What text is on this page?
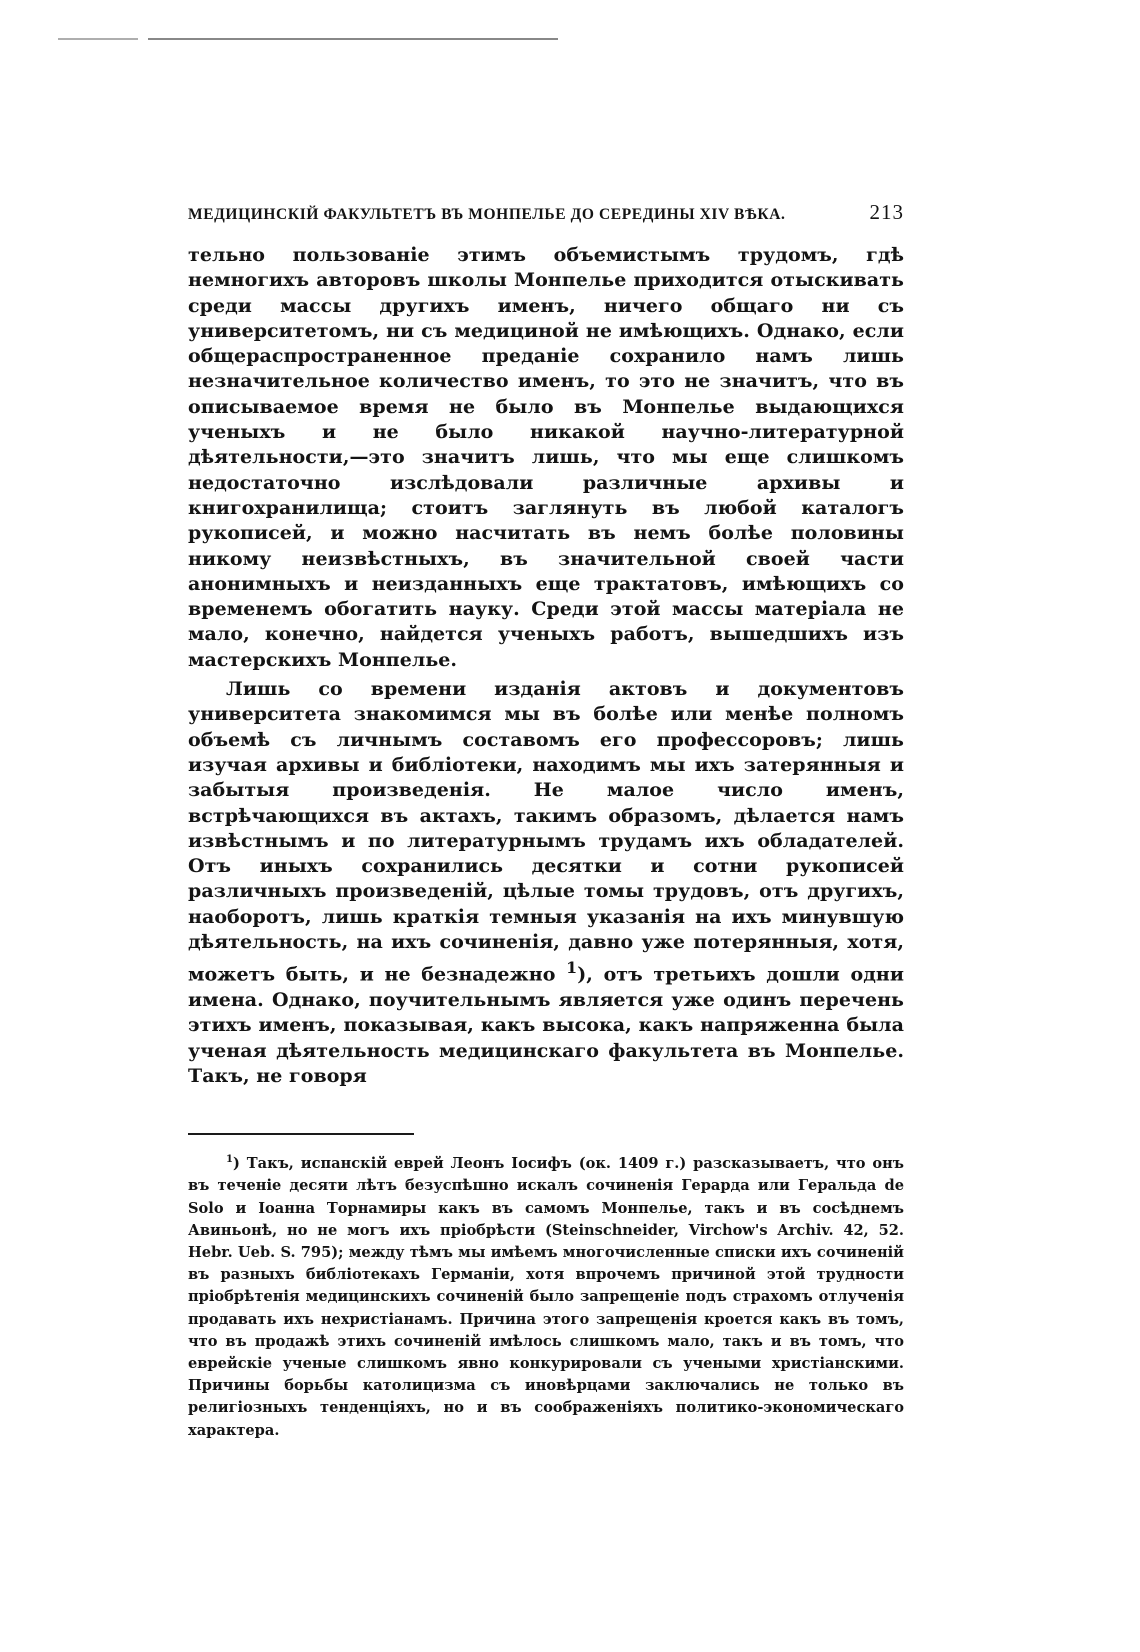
МЕДИЦИНСКІЙ ФАКУЛЬТЕТЪ ВЪ МОНПЕЛЬЕ ДО СЕРЕДИНЫ XIV ВѢКА.	213

тельно пользованіе этимъ объемистымъ трудомъ, гдѣ немногихъ авторовъ школы Монпелье приходится отыскивать среди массы другихъ именъ, ничего общаго ни съ университетомъ, ни съ медициной не имѣющихъ. Однако, если общераспространенное преданіе сохранило намъ лишь незначительное количество именъ, то это не значитъ, что въ описываемое время не было въ Монпелье выдающихся ученыхъ и не было никакой научно-литературной дѣятельности,—это значитъ лишь, что мы еще слишкомъ недостаточно изслѣдовали различные архивы и книгохранилища; стоитъ заглянуть въ любой каталогъ рукописей, и можно насчитать въ немъ болѣе половины никому неизвѣстныхъ, въ значительной своей части анонимныхъ и неизданныхъ еще трактатовъ, имѣющихъ со временемъ обогатить науку. Среди этой массы матеріала не мало, конечно, найдется ученыхъ работъ, вышедшихъ изъ мастерскихъ Монпелье.

Лишь со времени изданія актовъ и документовъ университета знакомимся мы въ болѣе или менѣе полномъ объемѣ съ личнымъ составомъ его профессоровъ; лишь изучая архивы и библіотеки, находимъ мы ихъ затерянныя и забытыя произведенія. Не малое число именъ, встрѣчающихся въ актахъ, такимъ образомъ, дѣлается намъ извѣстнымъ и по литературнымъ трудамъ ихъ обладателей. Отъ иныхъ сохранились десятки и сотни рукописей различныхъ произведеній, цѣлые томы трудовъ, отъ другихъ, наоборотъ, лишь краткія темныя указанія на ихъ минувшую дѣятельность, на ихъ сочиненія, давно уже потерянныя, хотя, можетъ быть, и не безнадежно $^1$), отъ третьихъ дошли одни имена. Однако, поучительнымъ является уже одинъ перечень этихъ именъ, показывая, какъ высока, какъ напряженна была ученая дѣятельность медицинскаго факультета въ Монпелье. Такъ, не говоря

$^1$) Такъ, испанскій еврей Леонъ Іосифъ (ок. 1409 г.) разсказываетъ, что онъ въ теченіе десяти лѣтъ безуспѣшно искалъ сочиненія Герарда или Геральда de Solo и Іоанна Торнамиры какъ въ самомъ Монпелье, такъ и въ сосѣднемъ Авиньонѣ, но не могъ ихъ пріобрѣсти (Steinschneider, Virchow's Archiv. 42, 52. Hebr. Ueb. S. 795); между тѣмъ мы имѣемъ многочисленные списки ихъ сочиненій въ разныхъ библіотекахъ Германіи, хотя впрочемъ причиной этой трудности пріобрѣтенія медицинскихъ сочиненій было запрещеніе подъ страхомъ отлученія продавать ихъ нехристіанамъ. Причина этого запрещенія кроется какъ въ томъ, что въ продажѣ этихъ сочиненій имѣлось слишкомъ мало, такъ и въ томъ, что еврейскіе ученые слишкомъ явно конкурировали съ учеными христіанскими. Причины борьбы католицизма съ иновѣрцами заключались не только въ религіозныхъ тенденціяхъ, но и въ соображеніяхъ политико-экономическаго характера.
